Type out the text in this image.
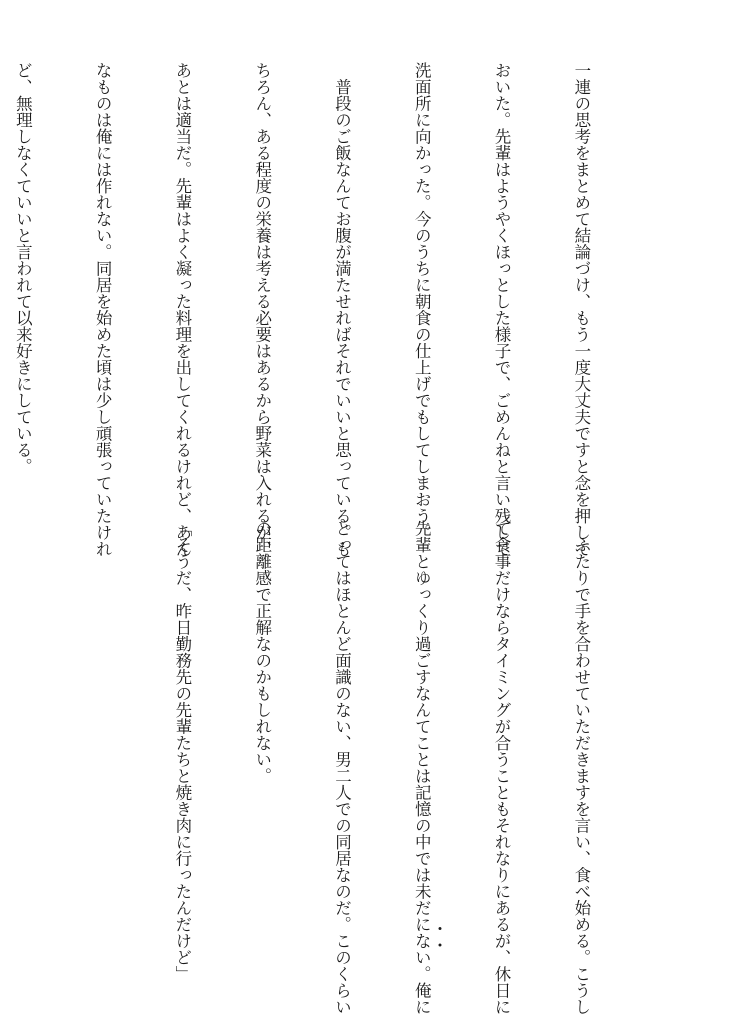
一連の思考をまとめて結論づけ、もう一度大丈夫ですと念を押して

おいた。先輩はようやくほっとした様子で、ごめんねと言い残して

洗面所に向かった。今のうちに朝食の仕上げでもしてしまおう。

　普段のご飯なんてお腹が満たせればそれでいいと思っている。も

ちろん、ある程度の栄養は考える必要はあるから野菜は入れるが、

あとは適当だ。先輩はよく凝った料理を出してくれるけれど、あん

なものは俺には作れない。同居を始めた頃は少し頑張っていたけれ

ど、無理しなくていいと言われて以来好きにしている。

　ふたりで手を合わせていただきますを言い、食べ始める。こうし

て食事だけならタイミングが合うこともそれなりにあるが、休日に

先輩とゆっくり過ごすなんてことは記憶の中では未だにない。俺に

とってはほとんど面識のない、男二人での同居なのだ。このくらい

の距離感で正解なのかもしれない。

「そうだ、昨日勤務先の先輩たちと焼き肉に行ったんだけど」

	・・
